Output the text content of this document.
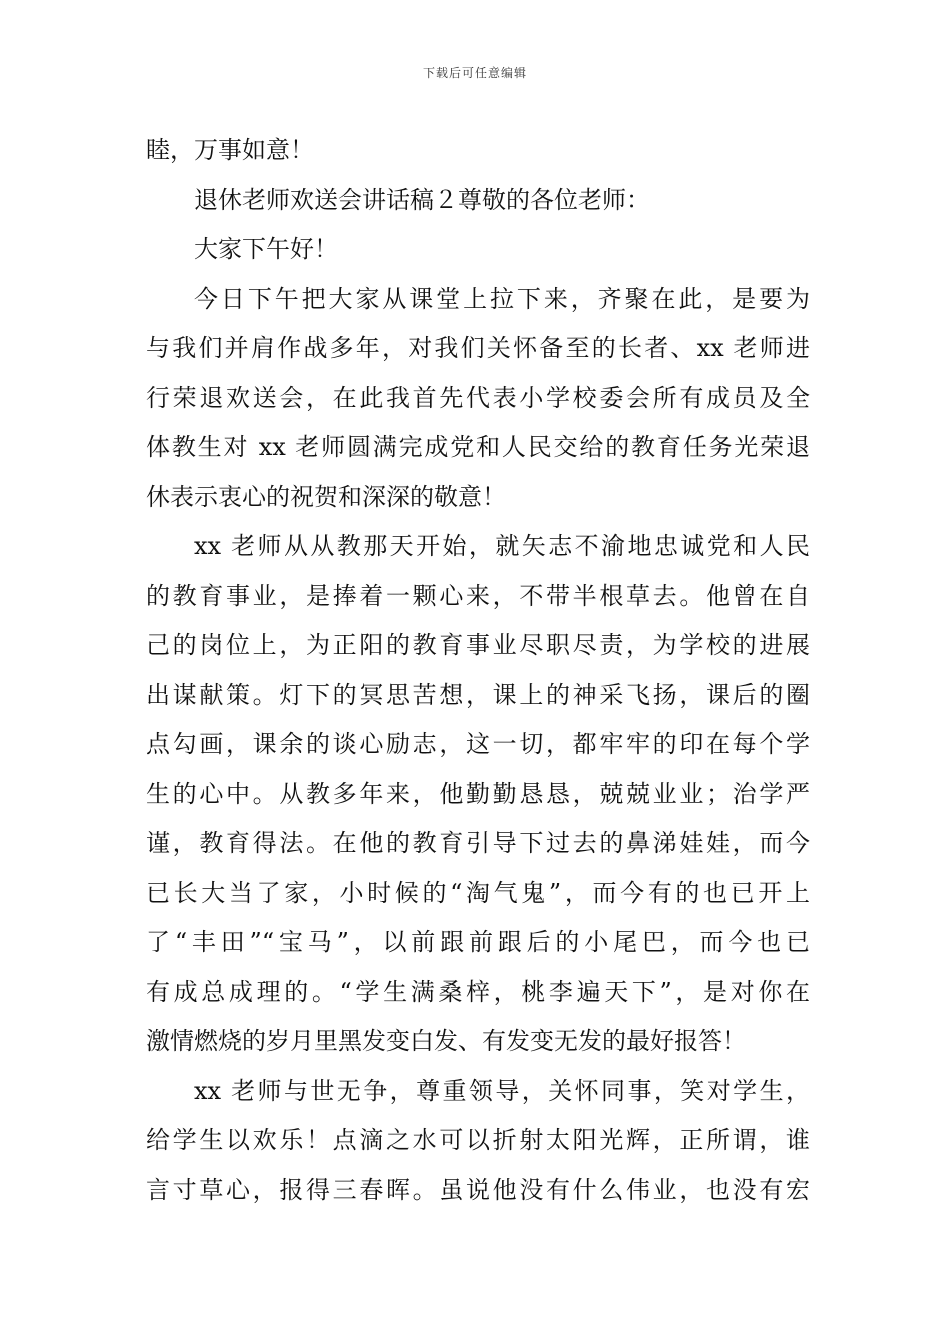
下载后可任意编辑
睦，万事如意！
退休老师欢送会讲话稿２尊敬的各位老师：
大家下午好！
今日下午把大家从课堂上拉下来，齐聚在此，是要为
与我们并肩作战多年，对我们关怀备至的长者、xx 老师进
行荣退欢送会，在此我首先代表小学校委会所有成员及全
体教生对 xx 老师圆满完成党和人民交给的教育任务光荣退
休表示衷心的祝贺和深深的敬意！
xx 老师从从教那天开始，就矢志不渝地忠诚党和人民
的教育事业，是捧着一颗心来，不带半根草去。他曾在自
己的岗位上，为正阳的教育事业尽职尽责，为学校的进展
出谋献策。灯下的冥思苦想，课上的神采飞扬，课后的圈
点勾画，课余的谈心励志，这一切，都牢牢的印在每个学
生的心中。从教多年来，他勤勤恳恳，兢兢业业；治学严
谨，教育得法。在他的教育引导下过去的鼻涕娃娃，而今
已长大当了家，小时候的“淘气鬼”，而今有的也已开上
了“丰田”“宝马”，以前跟前跟后的小尾巴，而今也已
有成总成理的。“学生满桑梓，桃李遍天下”，是对你在
激情燃烧的岁月里黑发变白发、有发变无发的最好报答！
xx 老师与世无争，尊重领导，关怀同事，笑对学生，
给学生以欢乐！点滴之水可以折射太阳光辉，正所谓，谁
言寸草心，报得三春晖。虽说他没有什么伟业，也没有宏
